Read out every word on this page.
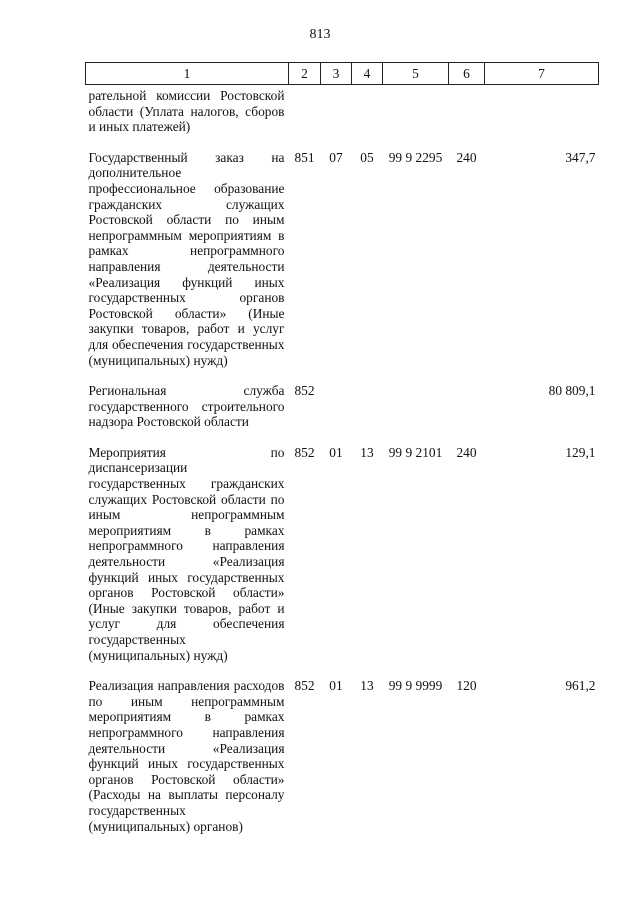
813
1	2	3	4	5	6	7
рательной комиссии Ростовской области (Уплата налогов, сборов и иных платежей)						
Государственный заказ на дополнительное профессиональное образование гражданских служащих Ростовской области по иным непрограммным мероприятиям в рамках непрограммного направления деятельности «Реализация функций иных государственных органов Ростовской области» (Иные закупки товаров, работ и услуг для обеспечения государственных (муниципальных) нужд)	851	07	05	99 9 2295	240	347,7
Региональная служба государственного строительного надзора Ростовской области	852					80 809,1
Мероприятия по диспансеризации государственных гражданских служащих Ростовской области по иным непрограммным мероприятиям в рамках непрограммного направления деятельности «Реализация функций иных государственных органов Ростовской области» (Иные закупки товаров, работ и услуг для обеспечения государственных (муниципальных) нужд)	852	01	13	99 9 2101	240	129,1
Реализация направления расходов по иным непрограммным мероприятиям в рамках непрограммного направления деятельности «Реализация функций иных государственных органов Ростовской области» (Расходы на выплаты персоналу государственных (муниципальных) органов)	852	01	13	99 9 9999	120	961,2
